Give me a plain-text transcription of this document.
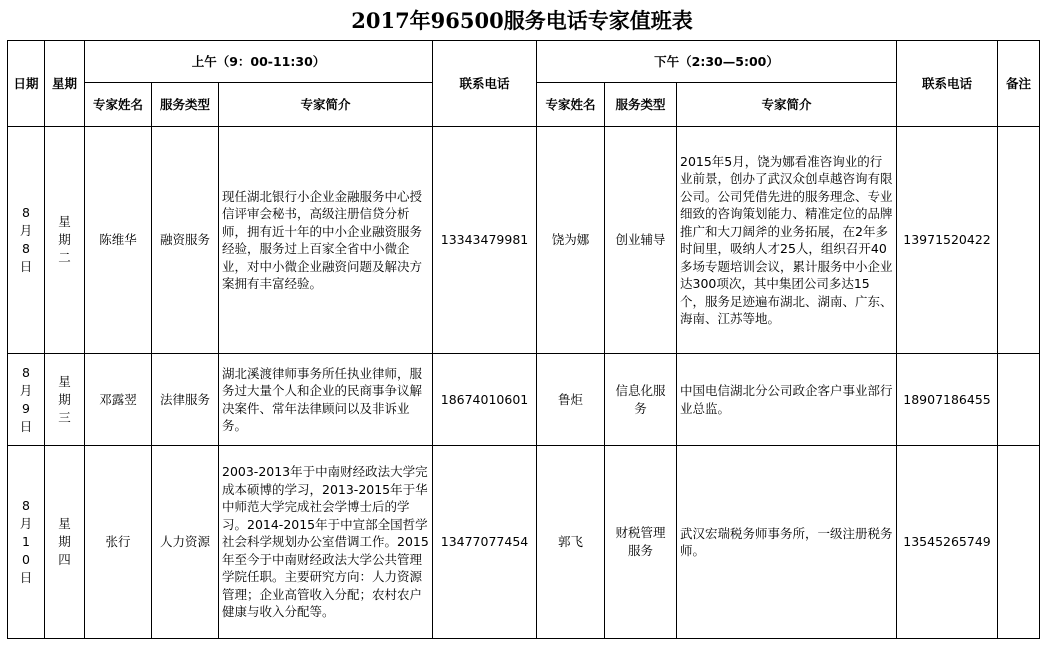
2017年96500服务电话专家值班表
日期	星期	上午（9：00-11:30）			联系电话	下午（2:30—5:00）			联系电话	备注
		专家姓名	服务类型	专家简介		专家姓名	服务类型	专家简介		

8月8日	星期二	陈维华	融资服务	现任湖北银行小企业金融服务中心授信评审会秘书，高级注册信贷分析师，拥有近十年的中小企业融资服务经验，服务过上百家全省中小微企业，对中小微企业融资问题及解决方案拥有丰富经验。	13343479981	饶为娜	创业辅导	2015年5月，饶为娜看准咨询业的行业前景，创办了武汉众创卓越咨询有限公司。公司凭借先进的服务理念、专业细致的咨询策划能力、精准定位的品牌推广和大刀阔斧的业务拓展，在2年多时间里，吸纳人才25人，组织召开40多场专题培训会议，累计服务中小企业达300项次，其中集团公司多达15个，服务足迹遍布湖北、湖南、广东、海南、江苏等地。	13971520422	

8月9日	星期三	邓露翌	法律服务	湖北溪渡律师事务所任执业律师，服务过大量个人和企业的民商事争议解决案件、常年法律顾问以及非诉业务。	18674010601	鲁炬	信息化服务	中国电信湖北分公司政企客户事业部行业总监。	18907186455	

8月10日	星期四	张行	人力资源	2003-2013年于中南财经政法大学完成本硕博的学习，2013-2015年于华中师范大学完成社会学博士后的学习。2014-2015年于中宣部全国哲学社会科学规划办公室借调工作。2015年至今于中南财经政法大学公共管理学院任职。主要研究方向：人力资源管理；企业高管收入分配；农村农户健康与收入分配等。	13477077454	郭飞	财税管理服务	武汉宏瑞税务师事务所，一级注册税务师。	13545265749	
